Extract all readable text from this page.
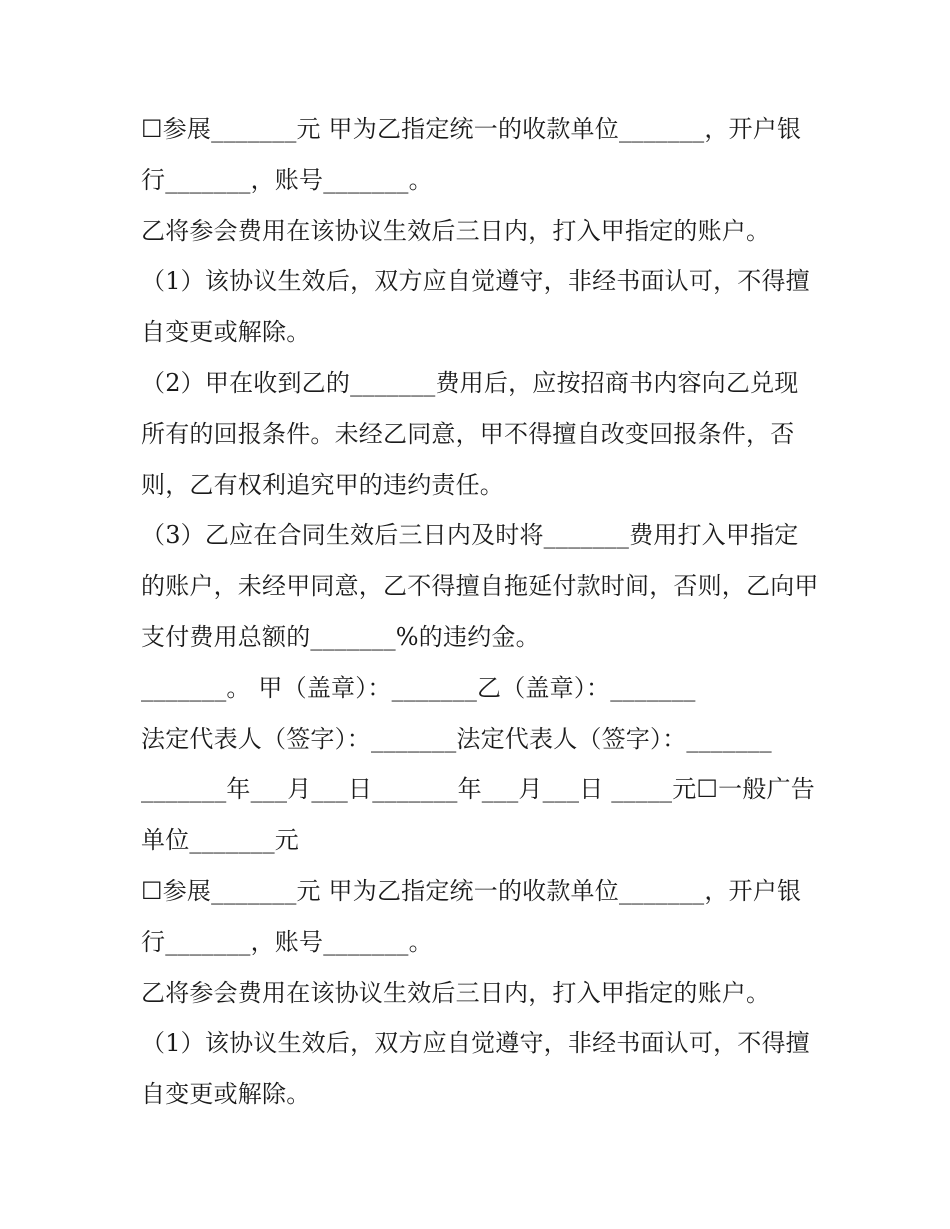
☐参展_______元 甲为乙指定统一的收款单位_______，开户银行_______，账号_______。

乙将参会费用在该协议生效后三日内，打入甲指定的账户。

（1）该协议生效后，双方应自觉遵守，非经书面认可，不得擅自变更或解除。

（2）甲在收到乙的_______费用后，应按招商书内容向乙兑现所有的回报条件。未经乙同意，甲不得擅自改变回报条件，否则，乙有权利追究甲的违约责任。

（3）乙应在合同生效后三日内及时将_______费用打入甲指定的账户，未经甲同意，乙不得擅自拖延付款时间，否则，乙向甲支付费用总额的_______%的违约金。

_______。 甲（盖章）：_______乙（盖章）：_______

法定代表人（签字）：_______法定代表人（签字）：_______

_______年___月___日_______年___月___日 _____元☐一般广告单位_______元

☐参展_______元 甲为乙指定统一的收款单位_______，开户银行_______，账号_______。

乙将参会费用在该协议生效后三日内，打入甲指定的账户。

（1）该协议生效后，双方应自觉遵守，非经书面认可，不得擅自变更或解除。
